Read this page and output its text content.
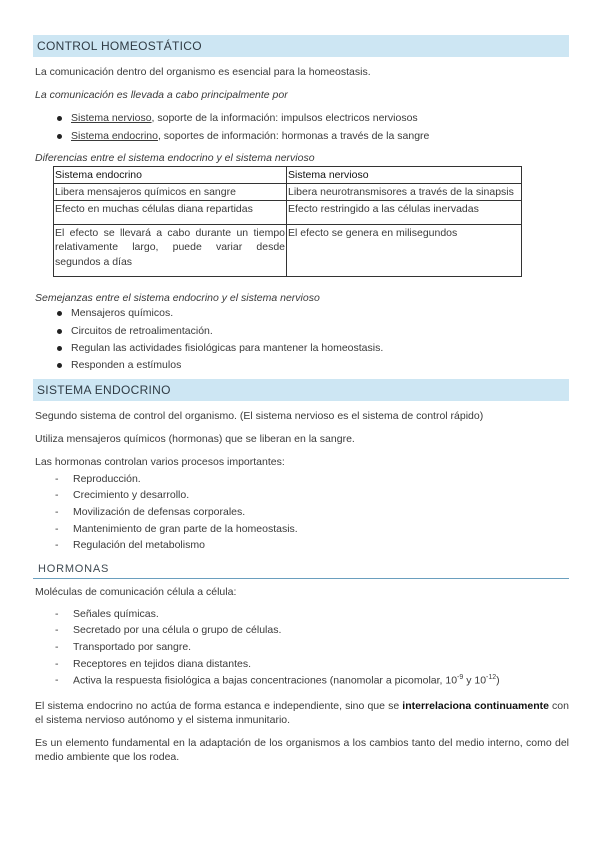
CONTROL HOMEOSTÁTICO

La comunicación dentro del organismo es esencial para la homeostasis.

La comunicación es llevada a cabo principalmente por

Sistema nervioso, soporte de la información: impulsos electricos nerviosos
Sistema endocrino, soportes de información: hormonas a través de la sangre

Diferencias entre el sistema endocrino y el sistema nervioso

Sistema endocrino	Sistema nervioso
Libera mensajeros químicos en sangre	Libera neurotransmisores a través de la sinapsis
Efecto en muchas células diana repartidas	Efecto restringido a las células inervadas
El efecto se llevará a cabo durante un tiempo relativamente largo, puede variar desde segundos a días	El efecto se genera en milisegundos

Semejanzas entre el sistema endocrino y el sistema nervioso

Mensajeros químicos.
Circuitos de retroalimentación.
Regulan las actividades fisiológicas para mantener la homeostasis.
Responden a estímulos
SISTEMA ENDOCRINO

Segundo sistema de control del organismo. (El sistema nervioso es el sistema de control rápido)

Utiliza mensajeros químicos (hormonas) que se liberan en la sangre.

Las hormonas controlan varios procesos importantes:

- Reproducción.
- Crecimiento y desarrollo.
- Movilización de defensas corporales.
- Mantenimiento de gran parte de la homeostasis.
- Regulación del metabolismo
HORMONAS

Moléculas de comunicación célula a célula:

- Señales químicas.
- Secretado por una célula o grupo de células.
- Transportado por sangre.
- Receptores en tejidos diana distantes.
- Activa la respuesta fisiológica a bajas concentraciones (nanomolar a picomolar, $10^{-9}$ y $10^{-12}$)

El sistema endocrino no actúa de forma estanca e independiente, sino que se interrelaciona continuamente con el sistema nervioso autónomo y el sistema inmunitario.

Es un elemento fundamental en la adaptación de los organismos a los cambios tanto del medio interno, como del medio ambiente que los rodea.
